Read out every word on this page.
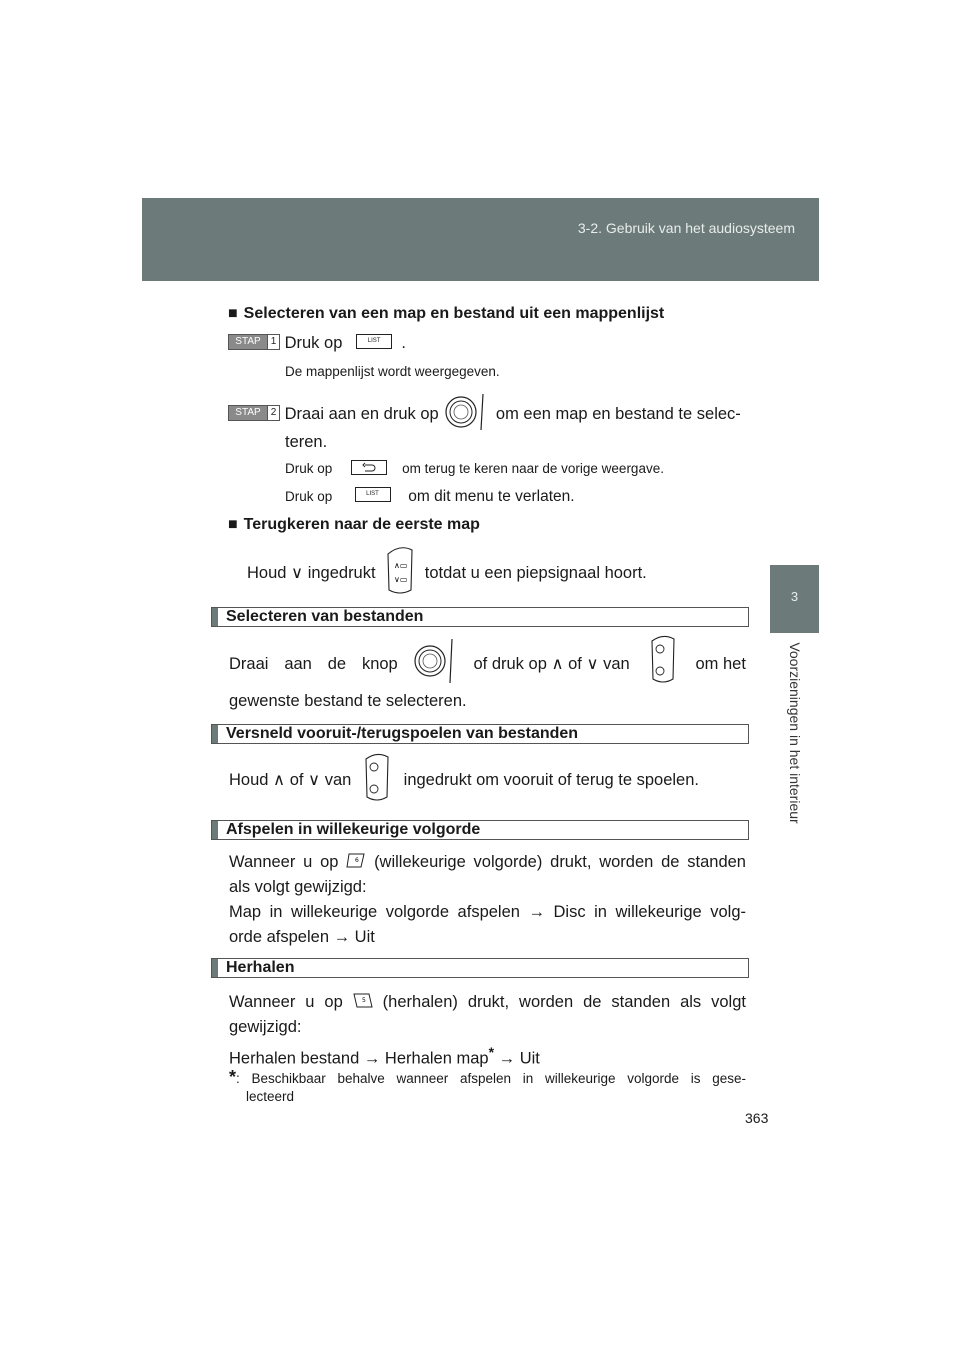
3-2. Gebruik van het audiosysteem
3
Voorzieningen in het interieur
■ Selecteren van een map en bestand uit een mappenlijst
STAP 1 Druk op	LIST .
De mappenlijst wordt weergegeven.
STAP 2 Draai aan en druk op	om een map en bestand te selec-
teren.
Druk op	om terug te keren naar de vorige weergave.
Druk op	LIST om dit menu te verlaten.
■ Terugkeren naar de eerste map
Houd ∨ ingedrukt ∧▭
∨▭ totdat u een piepsignaal hoort.
Selecteren van bestanden
Draai aan de knop	of druk op ∧ of ∨ van	om het
gewenste bestand te selecteren.
Versneld vooruit-/terugspoelen van bestanden
Houd ∧ of ∨ van

	ingedrukt om vooruit of terug te spoelen.
Afspelen in willekeurige volgorde
Wanneer u op	6 (willekeurige volgorde) drukt, worden de standen
als volgt gewijzigd:
Map in willekeurige volgorde afspelen → Disc in willekeurige volg-
orde afspelen → Uit
Herhalen
Wanneer u op	5 (herhalen) drukt, worden de standen als volgt
gewijzigd:
Herhalen bestand → Herhalen map* → Uit
*: Beschikbaar behalve wanneer afspelen in willekeurige volgorde is gese-
lecteerd
363
